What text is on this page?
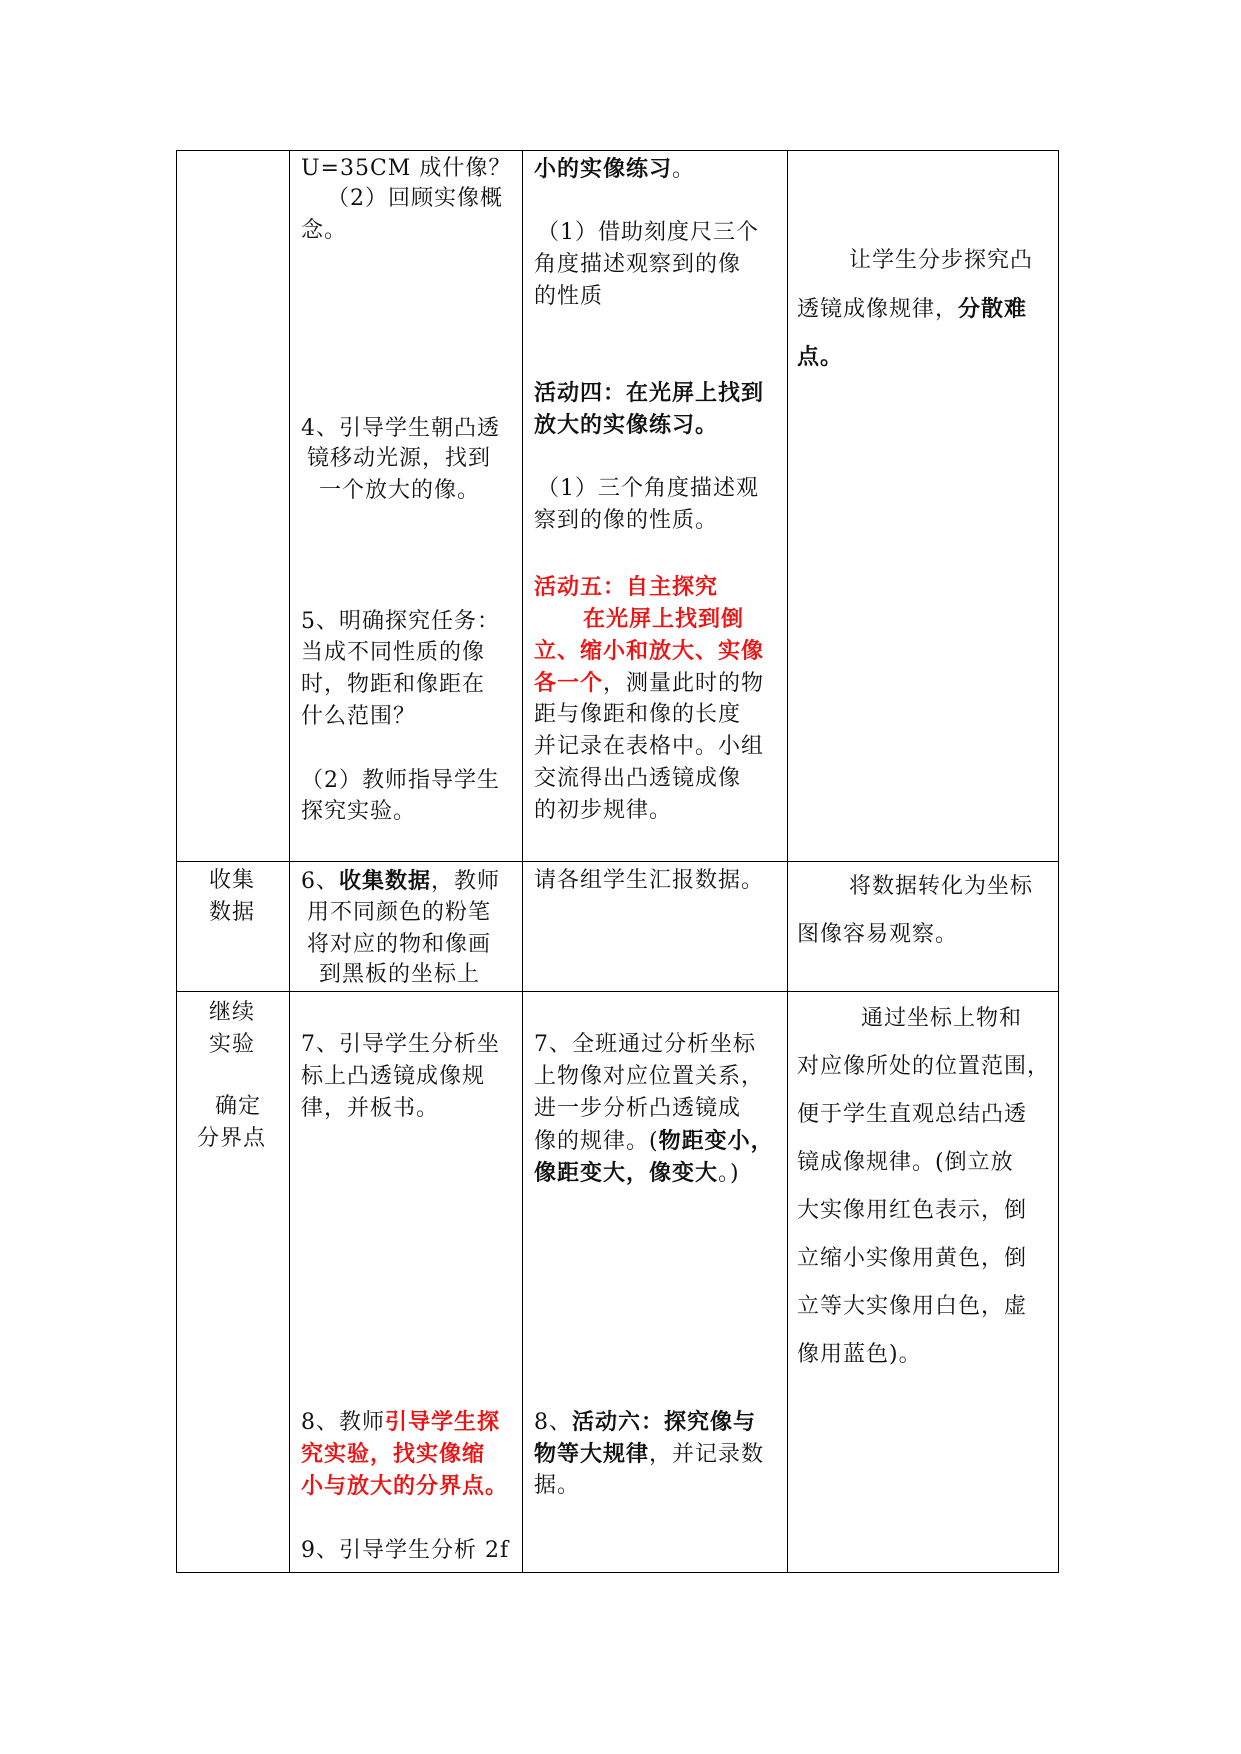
U=35CM 成什像？
（2）回顾实像概
念。
4、引导学生朝凸透
镜移动光源，找到
一个放大的像。
5、明确探究任务：
当成不同性质的像
时，物距和像距在
什么范围？
（2）教师指导学生
探究实验。
小的实像练习。
（1）借助刻度尺三个
角度描述观察到的像
的性质
活动四：在光屏上找到
放大的实像练习。
（1）三个角度描述观
察到的像的性质。
活动五：自主探究
在光屏上找到倒
立、缩小和放大、实像
各一个，测量此时的物
距与像距和像的长度
并记录在表格中。小组
交流得出凸透镜成像
的初步规律。
让学生分步探究凸
透镜成像规律，分散难
点。
收集
数据
6、收集数据，教师
用不同颜色的粉笔
将对应的物和像画
到黑板的坐标上
请各组学生汇报数据。	将数据转化为坐标
图像容易观察。
继续
实验
确定
分界点
7、引导学生分析坐
标上凸透镜成像规
律，并板书。
8、教师引导学生探
究实验，找实像缩
小与放大的分界点。
9、引导学生分析 2f
7、全班通过分析坐标
上物像对应位置关系，
进一步分析凸透镜成
像的规律。(物距变小，
像距变大，像变大。)
8、活动六：探究像与
物等大规律，并记录数
据。
通过坐标上物和
对应像所处的位置范围，
便于学生直观总结凸透
镜成像规律。(倒立放
大实像用红色表示，倒
立缩小实像用黄色，倒
立等大实像用白色，虚
像用蓝色)。
